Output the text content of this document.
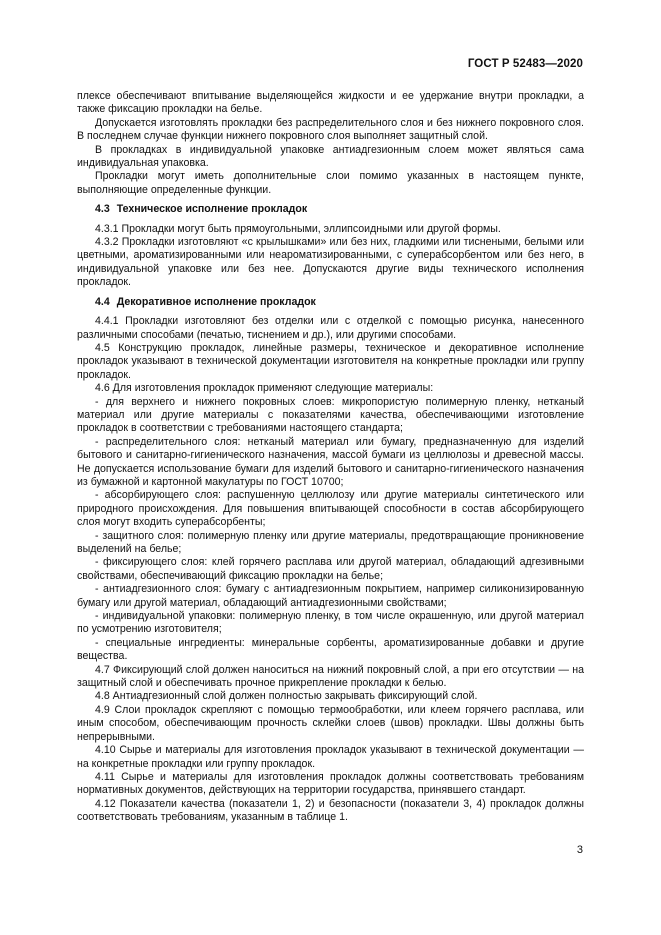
ГОСТ Р 52483—2020

плексе обеспечивают впитывание выделяющейся жидкости и ее удержание внутри прокладки, а также фиксацию прокладки на белье.

Допускается изготовлять прокладки без распределительного слоя и без нижнего покровного слоя. В последнем случае функции нижнего покровного слоя выполняет защитный слой.

В прокладках в индивидуальной упаковке антиадгезионным слоем может являться сама индивидуальная упаковка.

Прокладки могут иметь дополнительные слои помимо указанных в настоящем пункте, выполняющие определенные функции.

4.3 Техническое исполнение прокладок

4.3.1 Прокладки могут быть прямоугольными, эллипсоидными или другой формы.

4.3.2 Прокладки изготовляют «с крылышками» или без них, гладкими или тиснеными, белыми или цветными, ароматизированными или неароматизированными, с суперабсорбентом или без него, в индивидуальной упаковке или без нее. Допускаются другие виды технического исполнения прокладок.

4.4 Декоративное исполнение прокладок

4.4.1 Прокладки изготовляют без отделки или с отделкой с помощью рисунка, нанесенного различными способами (печатью, тиснением и др.), или другими способами.

4.5 Конструкцию прокладок, линейные размеры, техническое и декоративное исполнение прокладок указывают в технической документации изготовителя на конкретные прокладки или группу прокладок.

4.6 Для изготовления прокладок применяют следующие материалы:

- для верхнего и нижнего покровных слоев: микропористую полимерную пленку, нетканый материал или другие материалы с показателями качества, обеспечивающими изготовление прокладок в соответствии с требованиями настоящего стандарта;

- распределительного слоя: нетканый материал или бумагу, предназначенную для изделий бытового и санитарно-гигиенического назначения, массой бумаги из целлюлозы и древесной массы. Не допускается использование бумаги для изделий бытового и санитарно-гигиенического назначения из бумажной и картонной макулатуры по ГОСТ 10700;

- абсорбирующего слоя: распушенную целлюлозу или другие материалы синтетического или природного происхождения. Для повышения впитывающей способности в состав абсорбирующего слоя могут входить суперабсорбенты;

- защитного слоя: полимерную пленку или другие материалы, предотвращающие проникновение выделений на белье;

- фиксирующего слоя: клей горячего расплава или другой материал, обладающий адгезивными свойствами, обеспечивающий фиксацию прокладки на белье;

- антиадгезионного слоя: бумагу с антиадгезионным покрытием, например силиконизированную бумагу или другой материал, обладающий антиадгезионными свойствами;

- индивидуальной упаковки: полимерную пленку, в том числе окрашенную, или другой материал по усмотрению изготовителя;

- специальные ингредиенты: минеральные сорбенты, ароматизированные добавки и другие вещества.

4.7 Фиксирующий слой должен наноситься на нижний покровный слой, а при его отсутствии — на защитный слой и обеспечивать прочное прикрепление прокладки к белью.

4.8 Антиадгезионный слой должен полностью закрывать фиксирующий слой.

4.9 Слои прокладок скрепляют с помощью термообработки, или клеем горячего расплава, или иным способом, обеспечивающим прочность склейки слоев (швов) прокладки. Швы должны быть непрерывными.

4.10 Сырье и материалы для изготовления прокладок указывают в технической документации — на конкретные прокладки или группу прокладок.

4.11 Сырье и материалы для изготовления прокладок должны соответствовать требованиям нормативных документов, действующих на территории государства, принявшего стандарт.

4.12 Показатели качества (показатели 1, 2) и безопасности (показатели 3, 4) прокладок должны соответствовать требованиям, указанным в таблице 1.

3
